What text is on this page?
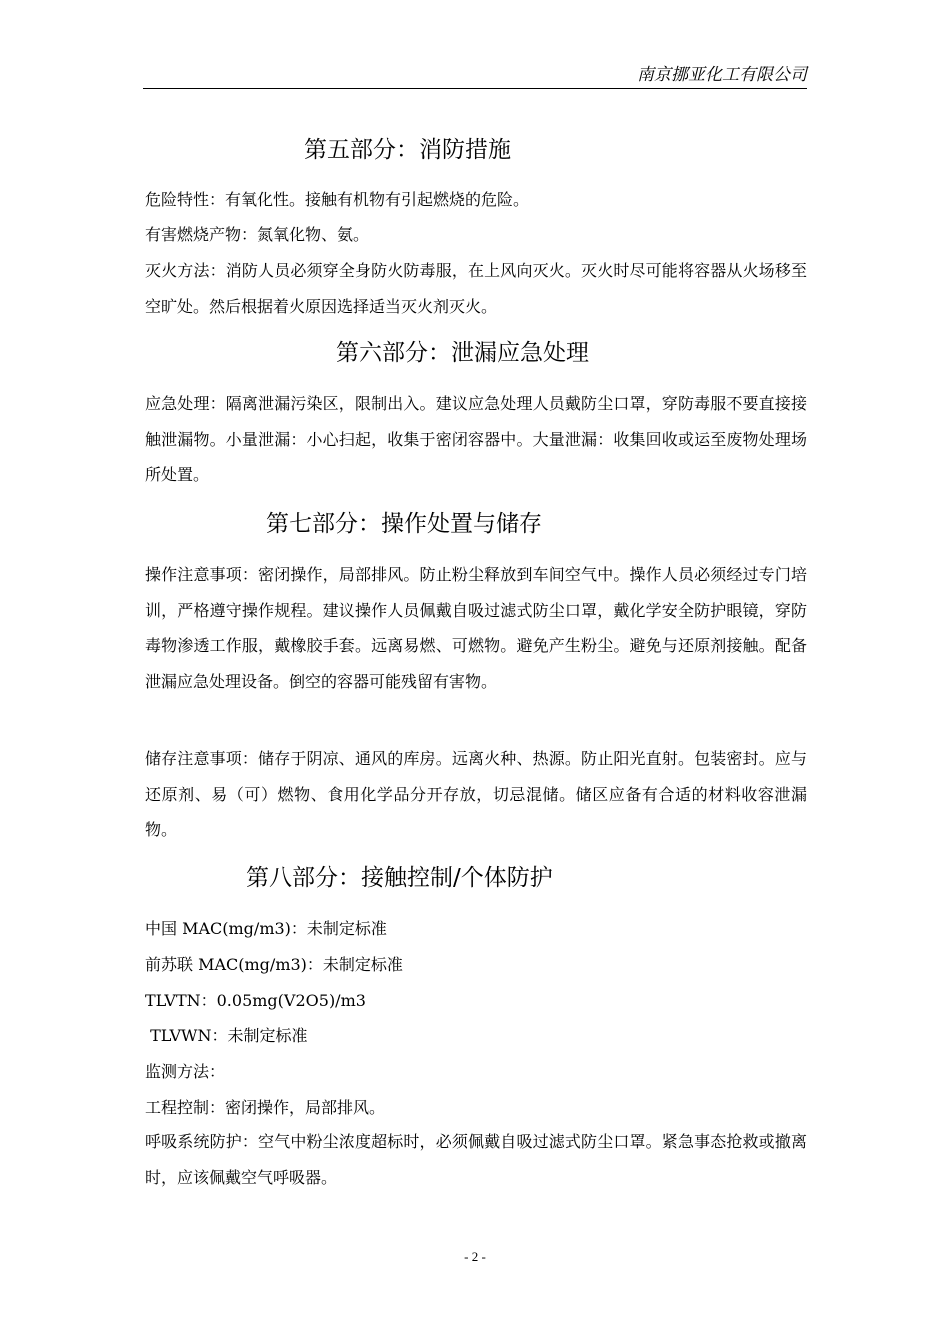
南京挪亚化工有限公司
第五部分：消防措施
危险特性：有氧化性。接触有机物有引起燃烧的危险。
有害燃烧产物：氮氧化物、氨。
灭火方法：消防人员必须穿全身防火防毒服，在上风向灭火。灭火时尽可能将容器从火场移至空旷处。然后根据着火原因选择适当灭火剂灭火。
第六部分：泄漏应急处理
应急处理：隔离泄漏污染区，限制出入。建议应急处理人员戴防尘口罩，穿防毒服不要直接接触泄漏物。小量泄漏：小心扫起，收集于密闭容器中。大量泄漏：收集回收或运至废物处理场所处置。
第七部分：操作处置与储存
操作注意事项：密闭操作，局部排风。防止粉尘释放到车间空气中。操作人员必须经过专门培训，严格遵守操作规程。建议操作人员佩戴自吸过滤式防尘口罩，戴化学安全防护眼镜，穿防毒物渗透工作服，戴橡胶手套。远离易燃、可燃物。避免产生粉尘。避免与还原剂接触。配备泄漏应急处理设备。倒空的容器可能残留有害物。
储存注意事项：储存于阴凉、通风的库房。远离火种、热源。防止阳光直射。包装密封。应与还原剂、易（可）燃物、食用化学品分开存放，切忌混储。储区应备有合适的材料收容泄漏物。
第八部分：接触控制/个体防护
中国 MAC(mg/m3)：未制定标准
前苏联 MAC(mg/m3)：未制定标准
TLVTN：0.05mg(V2O5)/m3
TLVWN：未制定标准
监测方法：
工程控制：密闭操作，局部排风。
呼吸系统防护：空气中粉尘浓度超标时，必须佩戴自吸过滤式防尘口罩。紧急事态抢救或撤离时，应该佩戴空气呼吸器。
- 2 -
